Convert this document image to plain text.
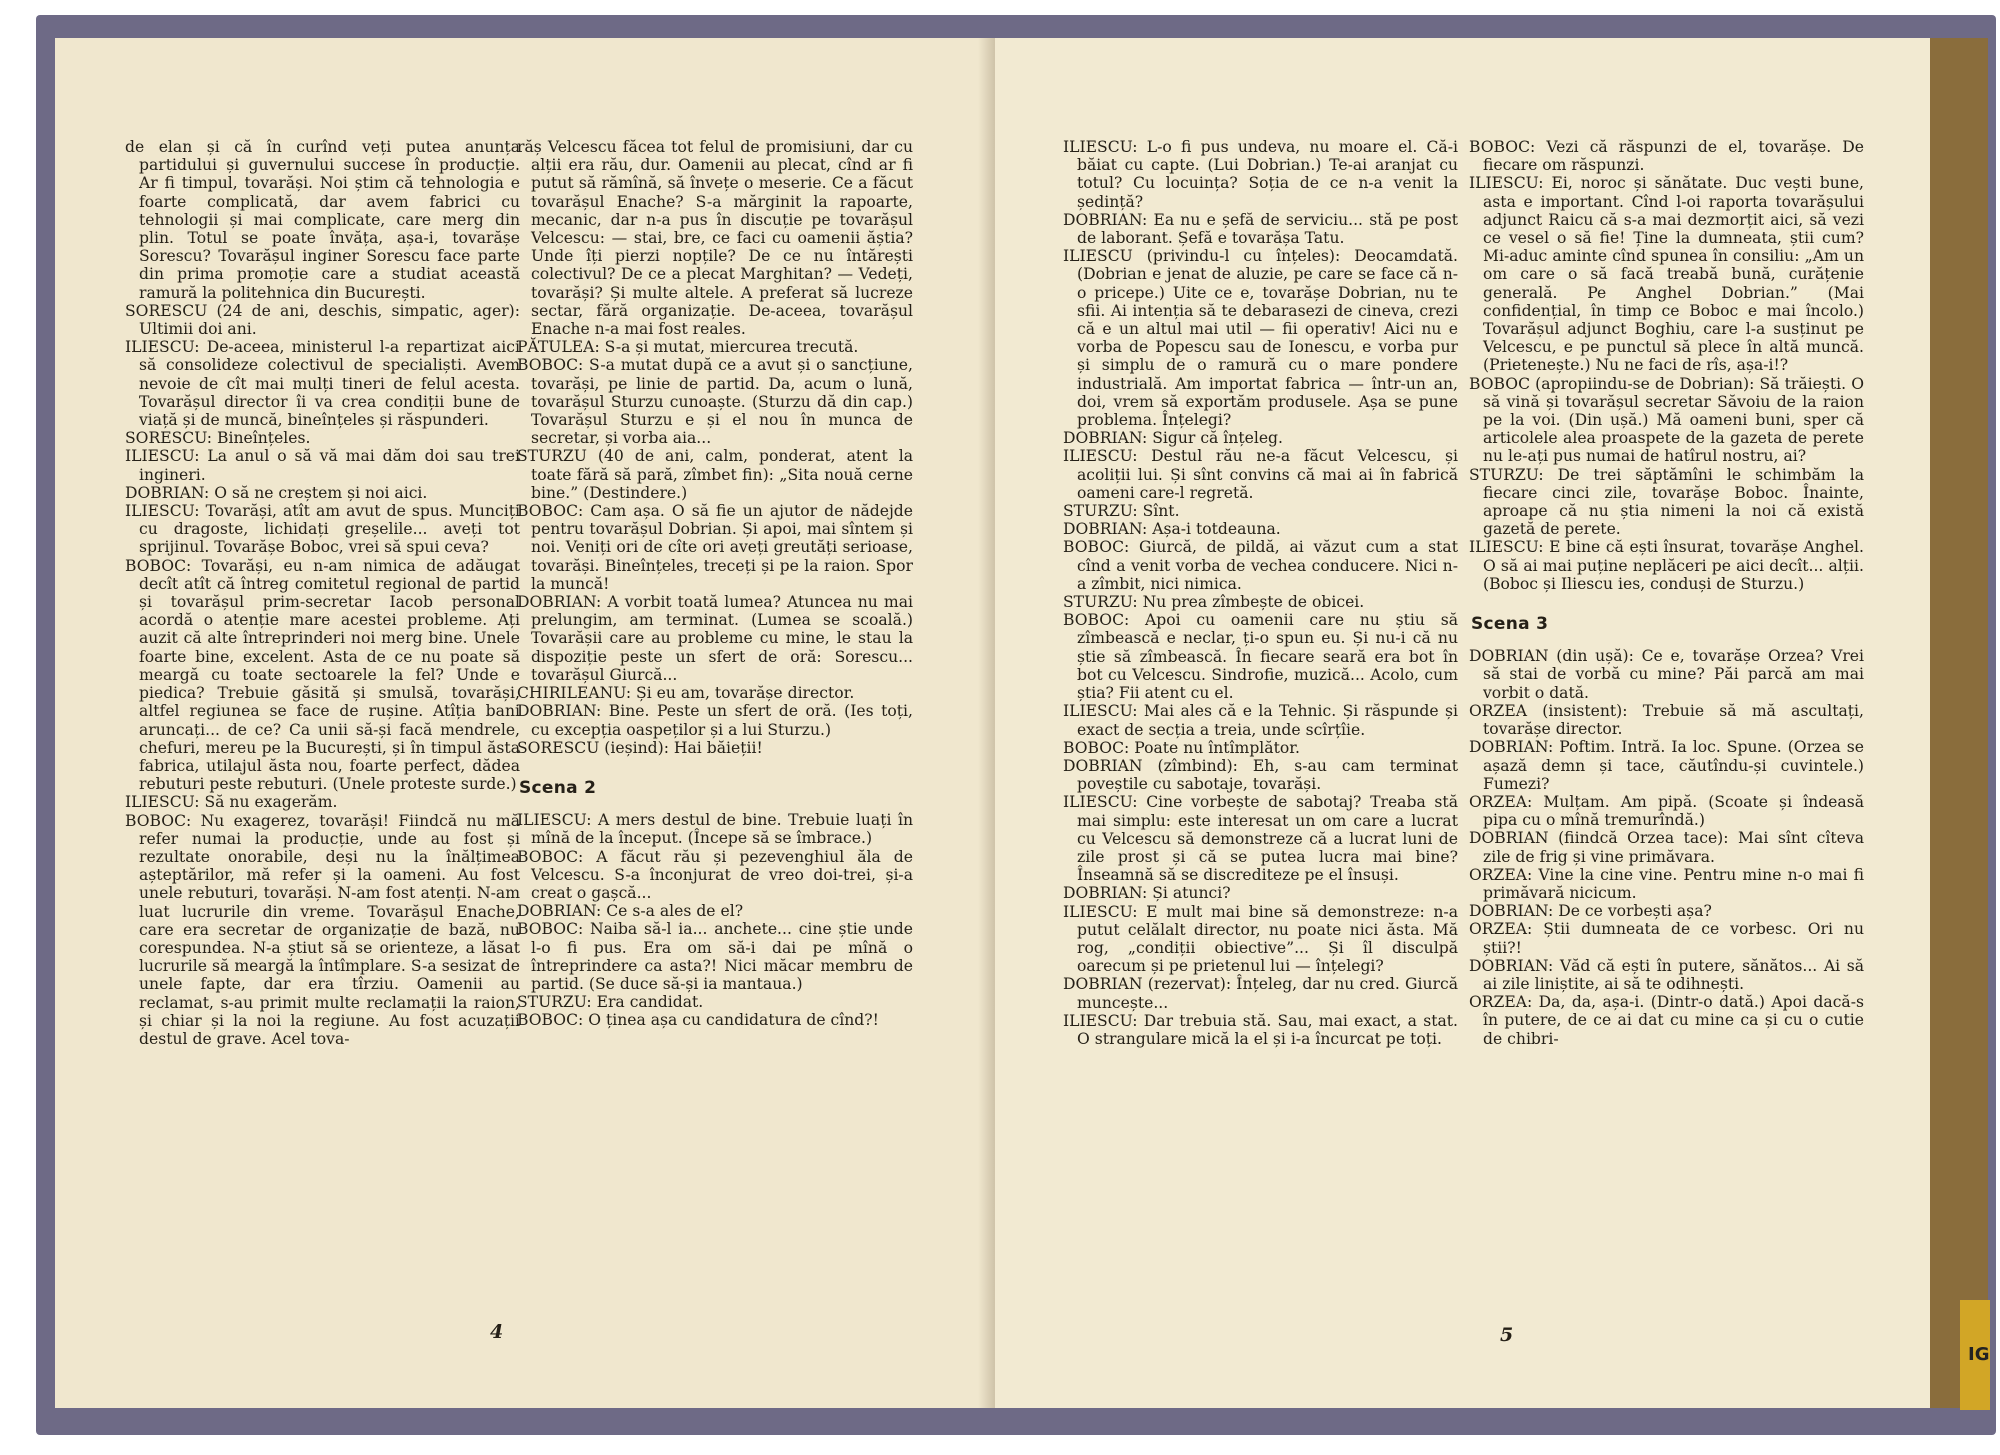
IG

de elan și că în curînd veți putea anunța partidului și guvernului succese în producție. Ar fi timpul, tovarăși. Noi știm că tehnologia e foarte complicată, dar avem fabrici cu tehnologii și mai complicate, care merg din plin. Totul se poate învăța, așa-i, tovarășe Sorescu? Tovarășul inginer Sorescu face parte din prima promoție care a studiat această ramură la politehnica din București.

SORESCU (24 de ani, deschis, simpatic, ager): Ultimii doi ani.

ILIESCU: De-aceea, ministerul l-a repartizat aici să consolideze colectivul de specialiști. Avem nevoie de cît mai mulți tineri de felul acesta. Tovarășul director îi va crea condiții bune de viață și de muncă, bineînțeles și răspunderi.

SORESCU: Bineînțeles.

ILIESCU: La anul o să vă mai dăm doi sau trei ingineri.

DOBRIAN: O să ne creștem și noi aici.

ILIESCU: Tovarăși, atît am avut de spus. Munciți cu dragoste, lichidați greșelile... aveți tot sprijinul. Tovarășe Boboc, vrei să spui ceva?

BOBOC: Tovarăși, eu n-am nimica de adăugat decît atît că întreg comitetul regional de partid și tovarășul prim-secretar Iacob personal acordă o atenție mare acestei probleme. Ați auzit că alte întreprinderi noi merg bine. Unele foarte bine, excelent. Asta de ce nu poate să meargă cu toate sectoarele la fel? Unde e piedica? Trebuie găsită și smulsă, tovarăși, altfel regiunea se face de rușine. Atîția bani aruncați... de ce? Ca unii să-și facă mendrele, chefuri, mereu pe la București, și în timpul ăsta fabrica, utilajul ăsta nou, foarte perfect, dădea rebuturi peste rebuturi. (Unele proteste surde.)

ILIESCU: Să nu exagerăm.

BOBOC: Nu exagerez, tovarăși! Fiindcă nu mă refer numai la producție, unde au fost și rezultate onorabile, deși nu la înălțimea așteptărilor, mă refer și la oameni. Au fost unele rebuturi, tovarăși. N-am fost atenți. N-am luat lucrurile din vreme. Tovarășul Enache, care era secretar de organizație de bază, nu corespundea. N-a știut să se orienteze, a lăsat lucrurile să meargă la întîmplare. S-a sesizat de unele fapte, dar era tîrziu. Oamenii au reclamat, s-au primit multe reclamații la raion, și chiar și la noi la regiune. Au fost acuzații destul de grave. Acel tova-

răș Velcescu făcea tot felul de promisiuni, dar cu alții era rău, dur. Oamenii au plecat, cînd ar fi putut să rămînă, să învețe o meserie. Ce a făcut tovarășul Enache? S-a mărginit la rapoarte, mecanic, dar n-a pus în discuție pe tovarășul Velcescu: — stai, bre, ce faci cu oamenii ăștia? Unde îți pierzi nopțile? De ce nu întărești colectivul? De ce a plecat Marghitan? — Vedeți, tovarăși? Și multe altele. A preferat să lucreze sectar, fără organizație. De-aceea, tovarășul Enache n-a mai fost reales.

PĂTULEA: S-a și mutat, miercurea trecută.

BOBOC: S-a mutat după ce a avut și o sancțiune, tovarăși, pe linie de partid. Da, acum o lună, tovarășul Sturzu cunoaște. (Sturzu dă din cap.) Tovarășul Sturzu e și el nou în munca de secretar, și vorba aia...

STURZU (40 de ani, calm, ponderat, atent la toate fără să pară, zîmbet fin): „Sita nouă cerne bine.” (Destindere.)

BOBOC: Cam așa. O să fie un ajutor de nădejde pentru tovarășul Dobrian. Și apoi, mai sîntem și noi. Veniți ori de cîte ori aveți greutăți serioase, tovarăși. Bineînțeles, treceți și pe la raion. Spor la muncă!

DOBRIAN: A vorbit toată lumea? Atuncea nu mai prelungim, am terminat. (Lumea se scoală.) Tovarășii care au probleme cu mine, le stau la dispoziție peste un sfert de oră: Sorescu... tovarășul Giurcă...

CHIRILEANU: Și eu am, tovarășe director.

DOBRIAN: Bine. Peste un sfert de oră. (Ies toți, cu excepția oaspeților și a lui Sturzu.)

SORESCU (ieșind): Hai băieții!

Scena 2

ILIESCU: A mers destul de bine. Trebuie luați în mînă de la început. (Începe să se îmbrace.)

BOBOC: A făcut rău și pezevenghiul ăla de Velcescu. S-a înconjurat de vreo doi-trei, și-a creat o gașcă...

DOBRIAN: Ce s-a ales de el?

BOBOC: Naiba să-l ia... anchete... cine știe unde l-o fi pus. Era om să-i dai pe mînă o întreprindere ca asta?! Nici măcar membru de partid. (Se duce să-și ia mantaua.)

STURZU: Era candidat.

BOBOC: O ținea așa cu candidatura de cînd?!

4

ILIESCU: L-o fi pus undeva, nu moare el. Că-i băiat cu capte. (Lui Dobrian.) Te-ai aranjat cu totul? Cu locuința? Soția de ce n-a venit la ședință?

DOBRIAN: Ea nu e șefă de serviciu... stă pe post de laborant. Șefă e tovarășa Tatu.

ILIESCU (privindu-l cu înțeles): Deocamdată. (Dobrian e jenat de aluzie, pe care se face că n-o pricepe.) Uite ce e, tovarășe Dobrian, nu te sfii. Ai intenția să te debarasezi de cineva, crezi că e un altul mai util — fii operativ! Aici nu e vorba de Popescu sau de Ionescu, e vorba pur și simplu de o ramură cu o mare pondere industrială. Am importat fabrica — într-un an, doi, vrem să exportăm produsele. Așa se pune problema. Înțelegi?

DOBRIAN: Sigur că înțeleg.

ILIESCU: Destul rău ne-a făcut Velcescu, și acoliții lui. Și sînt convins că mai ai în fabrică oameni care-l regretă.

STURZU: Sînt.

DOBRIAN: Așa-i totdeauna.

BOBOC: Giurcă, de pildă, ai văzut cum a stat cînd a venit vorba de vechea conducere. Nici n-a zîmbit, nici nimica.

STURZU: Nu prea zîmbește de obicei.

BOBOC: Apoi cu oamenii care nu știu să zîmbească e neclar, ți-o spun eu. Și nu-i că nu știe să zîmbească. În fiecare seară era bot în bot cu Velcescu. Sindrofie, muzică... Acolo, cum știa? Fii atent cu el.

ILIESCU: Mai ales că e la Tehnic. Și răspunde și exact de secția a treia, unde scîrțîie.

BOBOC: Poate nu întîmplător.

DOBRIAN (zîmbind): Eh, s-au cam terminat poveștile cu sabotaje, tovarăși.

ILIESCU: Cine vorbește de sabotaj? Treaba stă mai simplu: este interesat un om care a lucrat cu Velcescu să demonstreze că a lucrat luni de zile prost și că se putea lucra mai bine? Înseamnă să se discrediteze pe el însuși.

DOBRIAN: Și atunci?

ILIESCU: E mult mai bine să demonstreze: n-a putut celălalt director, nu poate nici ăsta. Mă rog, „condiții obiective”... Și îl disculpă oarecum și pe prietenul lui — înțelegi?

DOBRIAN (rezervat): Înțeleg, dar nu cred. Giurcă muncește...

ILIESCU: Dar trebuia stă. Sau, mai exact, a stat. O strangulare mică la el și i-a încurcat pe toți.

BOBOC: Vezi că răspunzi de el, tovarășe. De fiecare om răspunzi.

ILIESCU: Ei, noroc și sănătate. Duc vești bune, asta e important. Cînd l-oi raporta tovarășului adjunct Raicu că s-a mai dezmorțit aici, să vezi ce vesel o să fie! Ține la dumneata, știi cum? Mi-aduc aminte cînd spunea în consiliu: „Am un om care o să facă treabă bună, curățenie generală. Pe Anghel Dobrian.” (Mai confidențial, în timp ce Boboc e mai încolo.) Tovarășul adjunct Boghiu, care l-a susținut pe Velcescu, e pe punctul să plece în altă muncă. (Prietenește.) Nu ne faci de rîs, așa-i!?

BOBOC (apropiindu-se de Dobrian): Să trăiești. O să vină și tovarășul secretar Săvoiu de la raion pe la voi. (Din ușă.) Mă oameni buni, sper că articolele alea proaspete de la gazeta de perete nu le-ați pus numai de hatîrul nostru, ai?

STURZU: De trei săptămîni le schimbăm la fiecare cinci zile, tovarășe Boboc. Înainte, aproape că nu știa nimeni la noi că există gazetă de perete.

ILIESCU: E bine că ești însurat, tovarășe Anghel. O să ai mai puține neplăceri pe aici decît... alții. (Boboc și Iliescu ies, conduși de Sturzu.)

Scena 3

DOBRIAN (din ușă): Ce e, tovarășe Orzea? Vrei să stai de vorbă cu mine? Păi parcă am mai vorbit o dată.

ORZEA (insistent): Trebuie să mă ascultați, tovarășe director.

DOBRIAN: Poftim. Intră. Ia loc. Spune. (Orzea se așază demn și tace, căutîndu-și cuvintele.) Fumezi?

ORZEA: Mulțam. Am pipă. (Scoate și îndeasă pipa cu o mînă tremurîndă.)

DOBRIAN (fiindcă Orzea tace): Mai sînt cîteva zile de frig și vine primăvara.

ORZEA: Vine la cine vine. Pentru mine n-o mai fi primăvară nicicum.

DOBRIAN: De ce vorbești așa?

ORZEA: Știi dumneata de ce vorbesc. Ori nu știi?!

DOBRIAN: Văd că ești în putere, sănătos... Ai să ai zile liniștite, ai să te odihnești.

ORZEA: Da, da, așa-i. (Dintr-o dată.) Apoi dacă-s în putere, de ce ai dat cu mine ca și cu o cutie de chibri-

5
